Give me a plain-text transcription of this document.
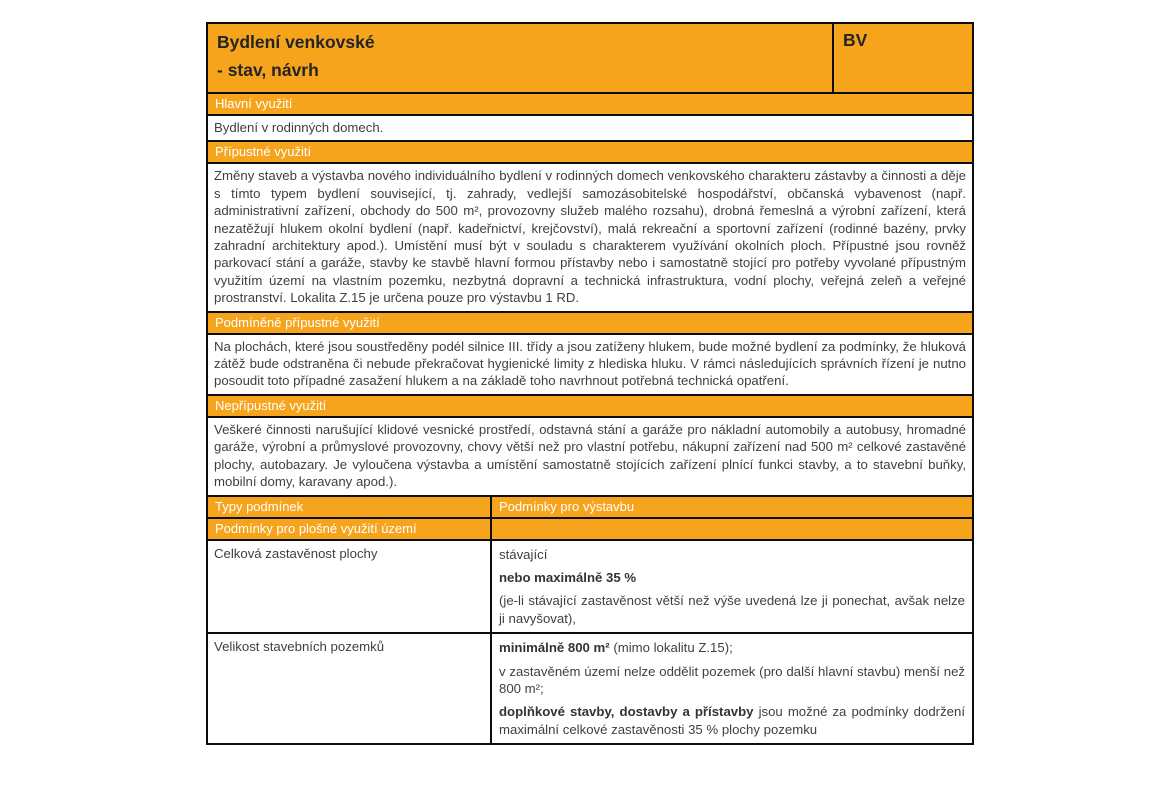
Bydlení venkovské
- stav, návrh		BV
Hlavní využití		
Bydlení v rodinných domech.		
Přípustné využití		
Změny staveb a výstavba nového individuálního bydlení v rodinných domech venkovského charakteru zástavby a činnosti a děje s tímto typem bydlení související, tj. zahrady, vedlejší samozásobitelské hospodářství, občanská vybavenost (např. administrativní zařízení, obchody do 500 m², provozovny služeb malého rozsahu), drobná řemeslná a výrobní zařízení, která nezatěžují hlukem okolní bydlení (např. kadeřnictví, krejčovství), malá rekreační a sportovní zařízení (rodinné bazény, prvky zahradní architektury apod.). Umístění musí být v souladu s charakterem využívání okolních ploch. Přípustné jsou rovněž parkovací stání a garáže, stavby ke stavbě hlavní formou přístavby nebo i samostatně stojící pro potřeby vyvolané přípustným využitím území na vlastním pozemku, nezbytná dopravní a technická infrastruktura, vodní plochy, veřejná zeleň a veřejné prostranství. Lokalita Z.15 je určena pouze pro výstavbu 1 RD.		
Podmíněně přípustné využití		
Na plochách, které jsou soustředěny podél silnice III. třídy a jsou zatíženy hlukem, bude možné bydlení za podmínky, že hluková zátěž bude odstraněna či nebude překračovat hygienické limity z hlediska hluku. V rámci následujících správních řízení je nutno posoudit toto případné zasažení hlukem a na základě toho navrhnout potřebná technická opatření.		
Nepřípustné využití		
Veškeré činnosti narušující klidové vesnické prostředí, odstavná stání a garáže pro nákladní automobily a autobusy, hromadné garáže, výrobní a průmyslové provozovny, chovy větší než pro vlastní potřebu, nákupní zařízení nad 500 m² celkové zastavěné plochy, autobazary. Je vyloučena výstavba a umístění samostatně stojících zařízení plnící funkci stavby, a to stavební buňky, mobilní domy, karavany apod.).		
Typy podmínek	Podmínky pro výstavbu	
Podmínky pro plošné využití území		
Celková zastavěnost plochy	stávající

nebo maximálně 35 %

(je-li stávající zastavěnost větší než výše uvedená lze ji ponechat, avšak nelze ji navyšovat),	

Velikost stavebních pozemků	minimálně 800 m² (mimo lokalitu Z.15);

v zastavěném území nelze oddělit pozemek (pro další hlavní stavbu) menší než 800 m²;

doplňkové stavby, dostavby a přístavby jsou možné za podmínky dodržení maximální celkové zastavěnosti 35 % plochy pozemku	
